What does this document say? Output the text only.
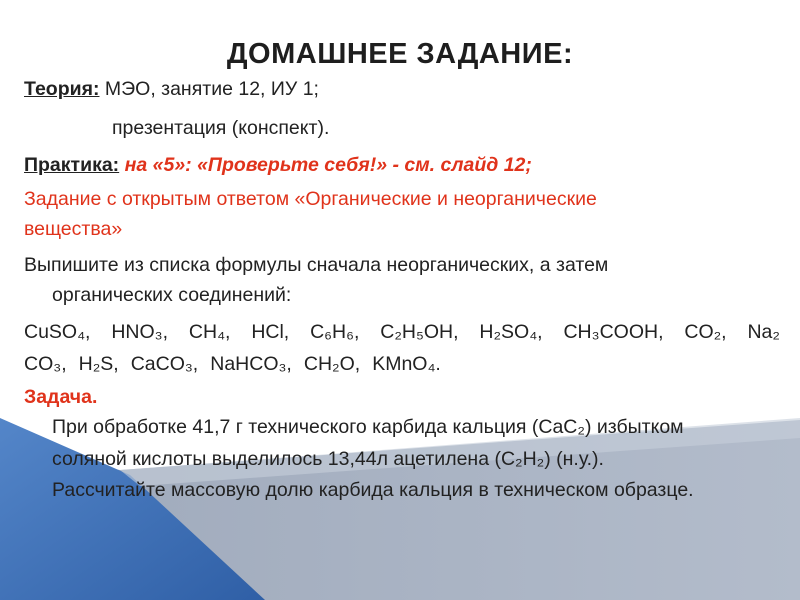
ДОМАШНЕЕ ЗАДАНИЕ:
Теория: МЭО, занятие 12, ИУ 1;
презентация (конспект).
Практика: на «5»: «Проверьте себя!» - см. слайд 12;
Задание с открытым ответом «Органические и неорганические
вещества»
Выпишите из списка формулы сначала неорганических, а затем
органических соединений:
CuSO₄, HNO₃, CH₄, HCl, C₆H₆, C₂H₅OH, H₂SO₄, CH₃COOH, CO₂, Na₂
CO₃, H₂S, CaCO₃, NaHCO₃, CH₂O, KMnO₄.
Задача.
При обработке 41,7 г технического карбида кальция (CaC₂) избытком
соляной кислоты выделилось 13,44л ацетилена (C₂H₂) (н.у.).
Рассчитайте массовую долю карбида кальция в техническом образце.
